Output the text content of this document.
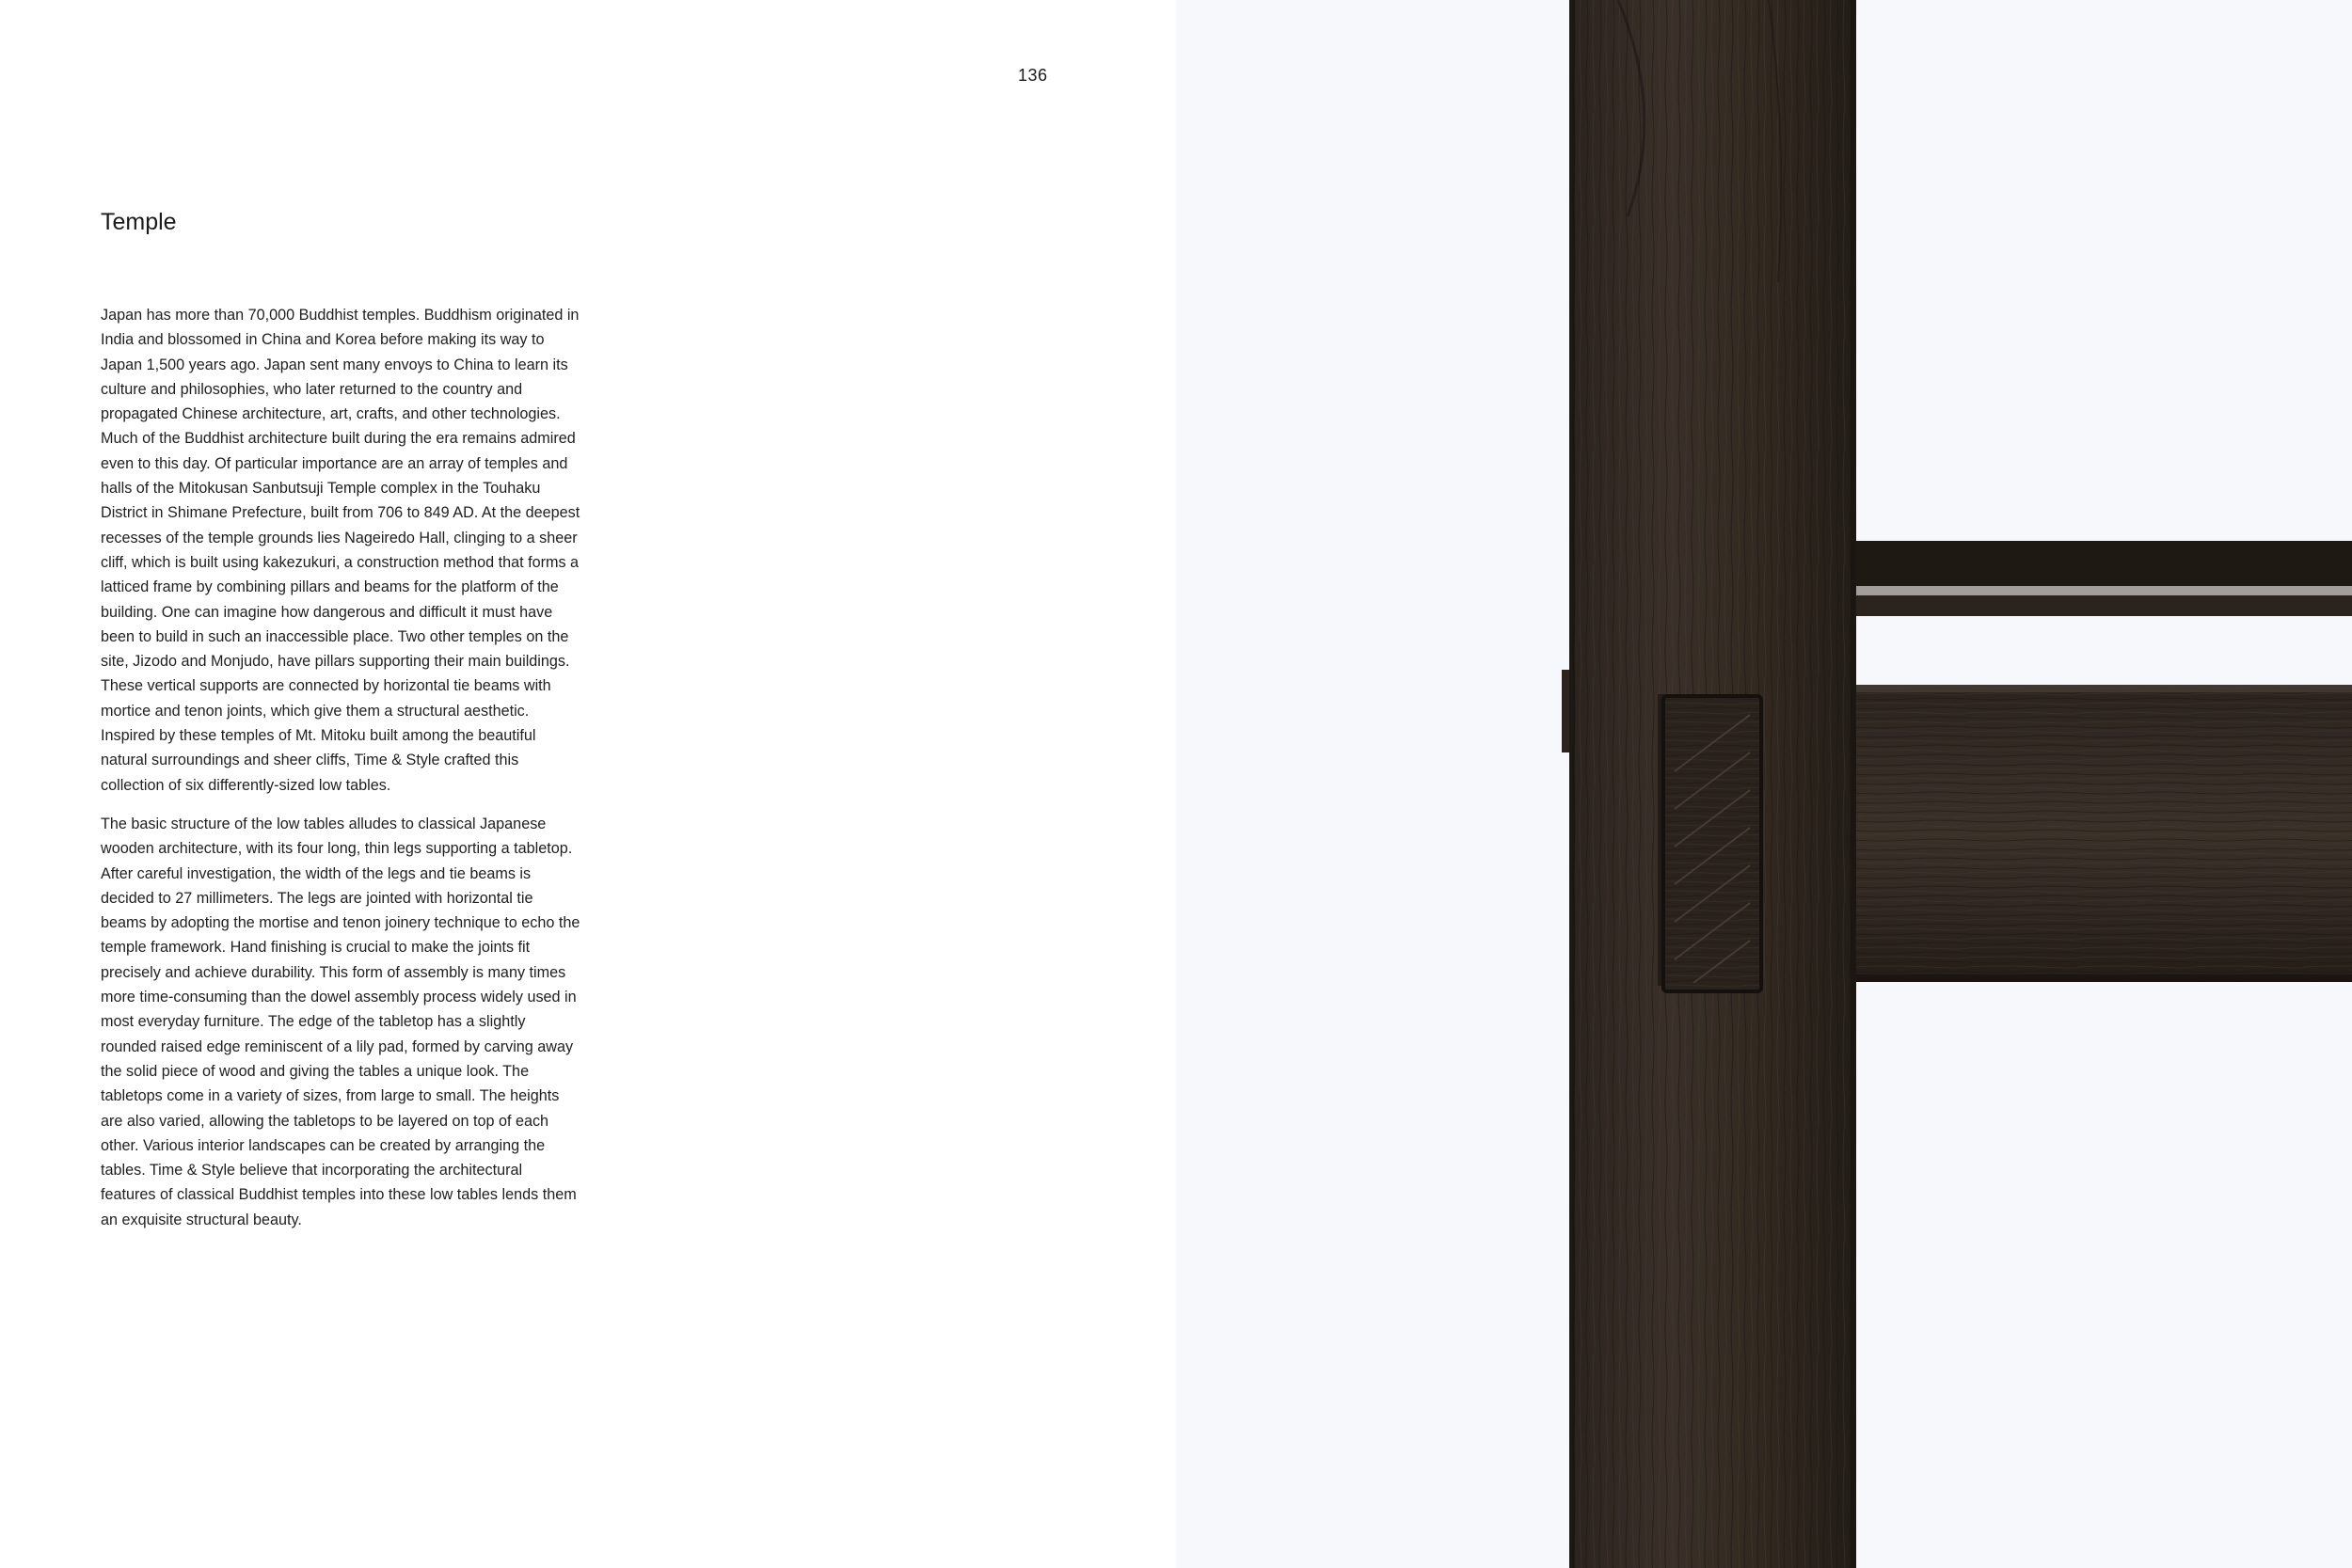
136
Temple

Japan has more than 70,000 Buddhist temples. Buddhism originated in India and blossomed in China and Korea before making its way to Japan 1,500 years ago. Japan sent many envoys to China to learn its culture and philosophies, who later returned to the country and propagated Chinese architecture, art, crafts, and other technologies. Much of the Buddhist architecture built during the era remains admired even to this day. Of particular importance are an array of temples and halls of the Mitokusan Sanbutsuji Temple complex in the Touhaku District in Shimane Prefecture, built from 706 to 849 AD. At the deepest recesses of the temple grounds lies Nageiredo Hall, clinging to a sheer cliff, which is built using kakezukuri, a construction method that forms a latticed frame by combining pillars and beams for the platform of the building. One can imagine how dangerous and difficult it must have been to build in such an inaccessible place. Two other temples on the site, Jizodo and Monjudo, have pillars supporting their main buildings. These vertical supports are connected by horizontal tie beams with mortice and tenon joints, which give them a structural aesthetic. Inspired by these temples of Mt. Mitoku built among the beautiful natural surroundings and sheer cliffs, Time & Style crafted this collection of six differently-sized low tables.

The basic structure of the low tables alludes to classical Japanese wooden architecture, with its four long, thin legs supporting a tabletop. After careful investigation, the width of the legs and tie beams is decided to 27 millimeters. The legs are jointed with horizontal tie beams by adopting the mortise and tenon joinery technique to echo the temple framework. Hand finishing is crucial to make the joints fit precisely and achieve durability. This form of assembly is many times more time-consuming than the dowel assembly process widely used in most everyday furniture. The edge of the tabletop has a slightly rounded raised edge reminiscent of a lily pad, formed by carving away the solid piece of wood and giving the tables a unique look. The tabletops come in a variety of sizes, from large to small. The heights are also varied, allowing the tabletops to be layered on top of each other. Various interior landscapes can be created by arranging the tables. Time & Style believe that incorporating the architectural features of classical Buddhist temples into these low tables lends them an exquisite structural beauty.
